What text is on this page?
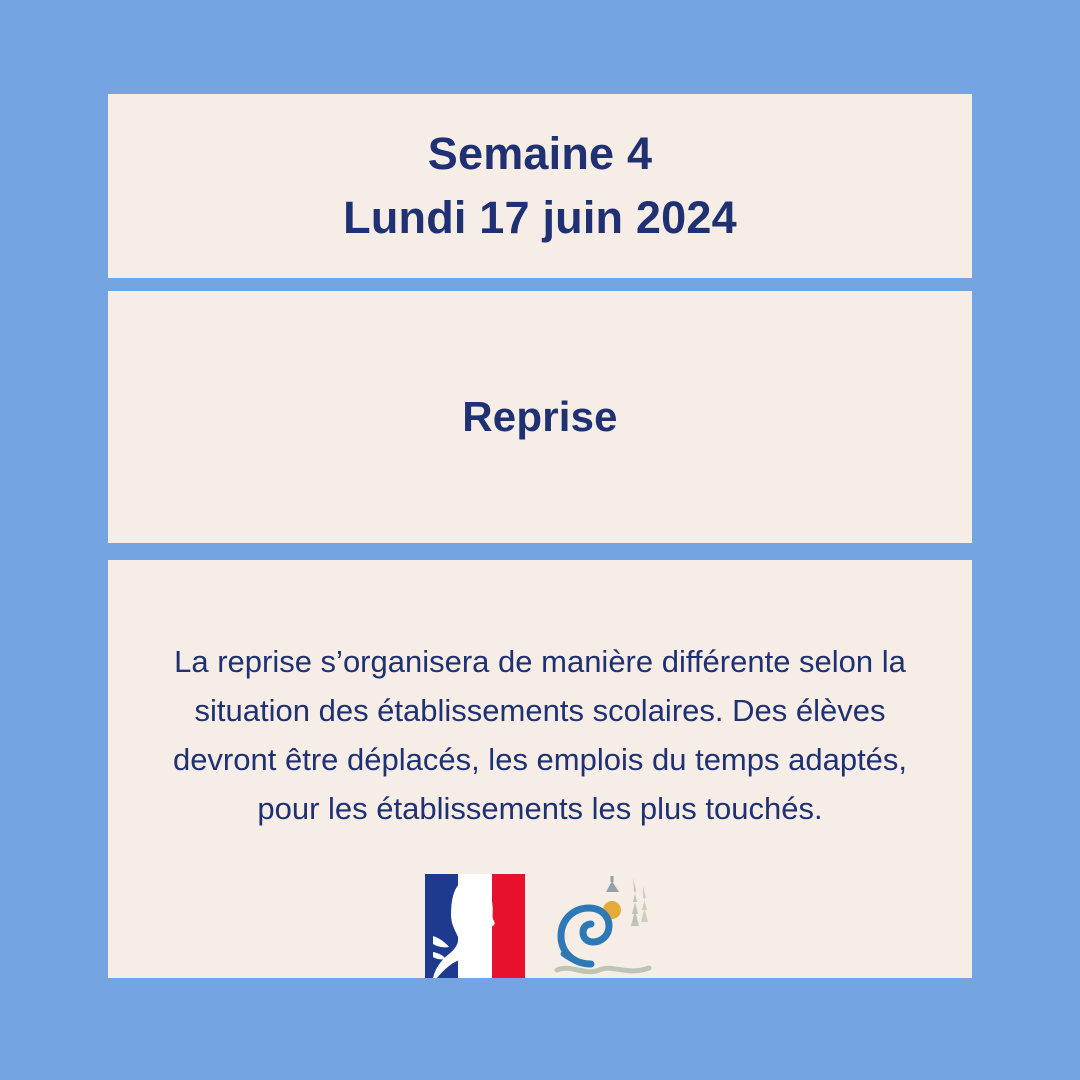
Semaine 4
Lundi 17 juin 2024
Reprise
La reprise s’organisera de manière différente selon la situation des établissements scolaires. Des élèves devront être déplacés, les emplois du temps adaptés, pour les établissements les plus touchés.
